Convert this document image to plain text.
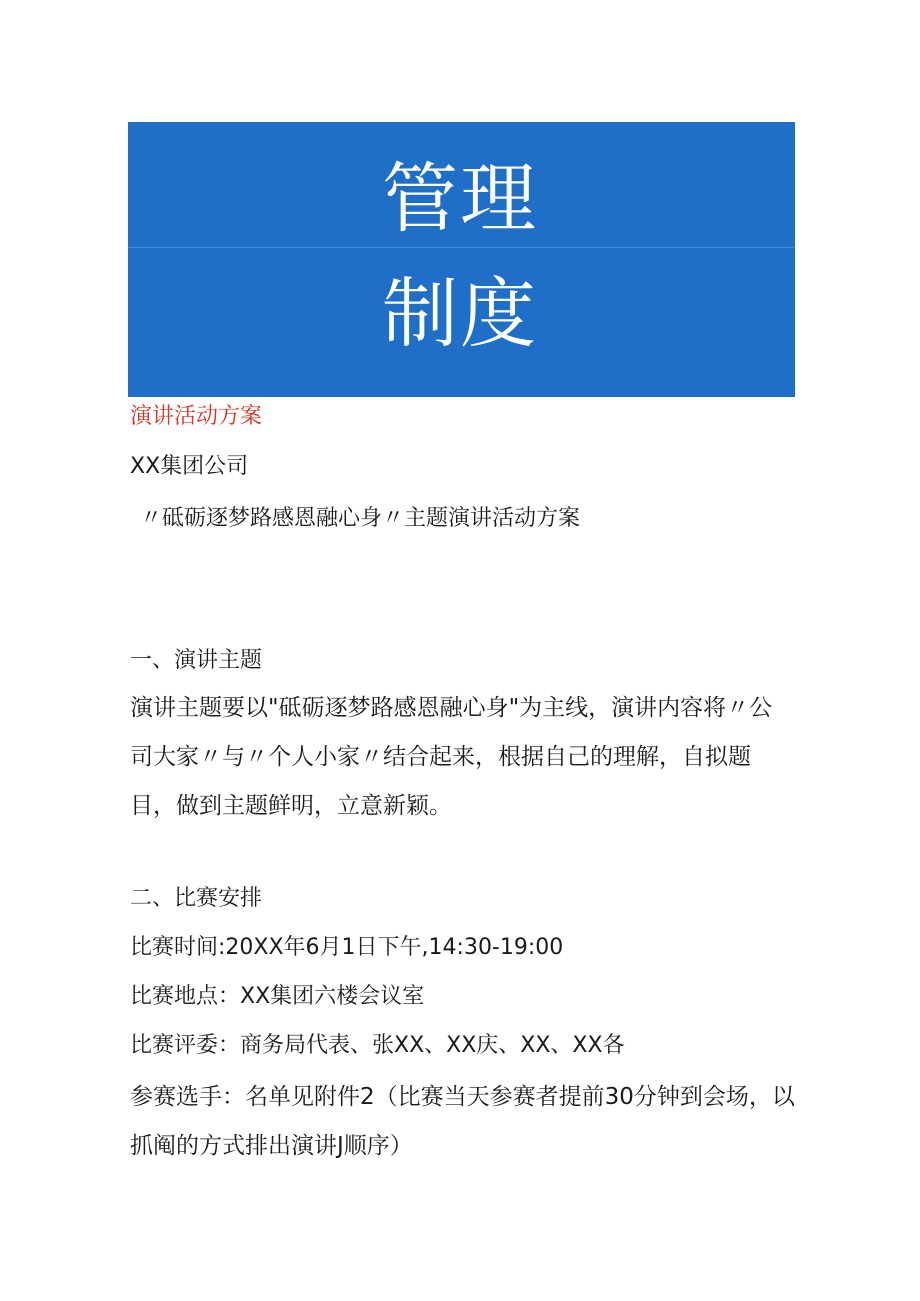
管理
制度
演讲活动方案
XX集团公司
〃砥砺逐梦路感恩融心身〃主题演讲活动方案
一、演讲主题
演讲主题要以"砥砺逐梦路感恩融心身"为主线，演讲内容将〃公司大家〃与〃个人小家〃结合起来，根据自己的理解，自拟题目，做到主题鲜明，立意新颖。
二、比赛安排
比赛时间:20XX年6月1日下午,14:30-19:00
比赛地点：XX集团六楼会议室
比赛评委：商务局代表、张XX、XX庆、XX、XX各
参赛选手：名单见附件2（比赛当天参赛者提前30分钟到会场，以抓阄的方式排出演讲J顺序）
